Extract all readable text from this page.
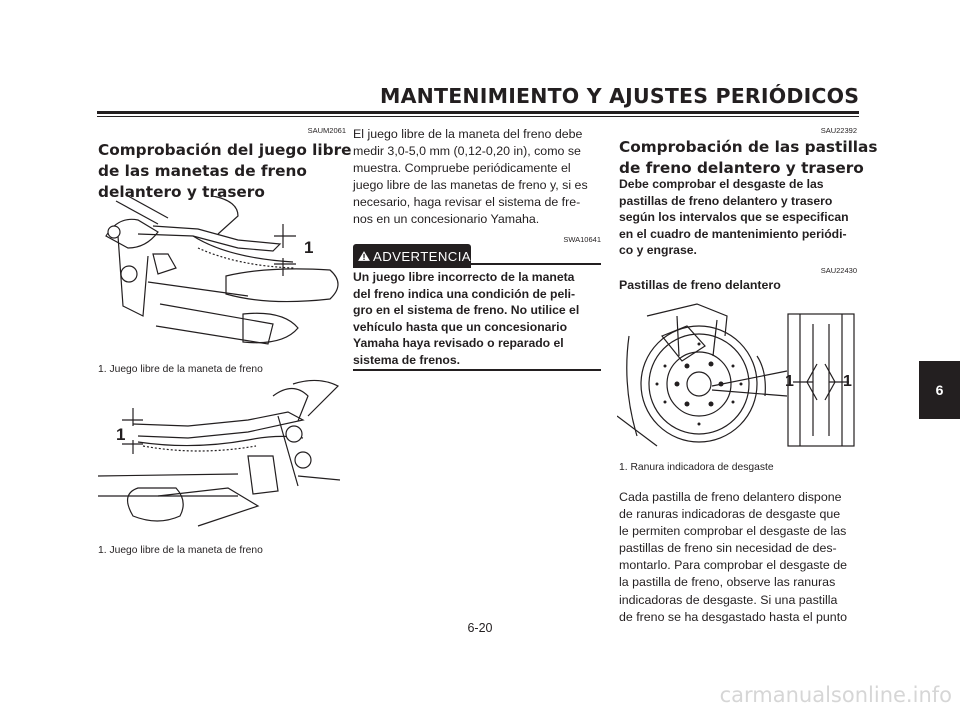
MANTENIMIENTO Y AJUSTES PERIÓDICOS
SAUM2061
Comprobación del juego libre
de las manetas de freno
delantero y trasero
1
1. Juego libre de la maneta de freno
1
1. Juego libre de la maneta de freno
El juego libre de la maneta del freno debe
medir 3,0-5,0 mm (0,12-0,20 in), como se
muestra. Compruebe periódicamente el
juego libre de las manetas de freno y, si es
necesario, haga revisar el sistema de fre-
nos en un concesionario Yamaha.
SWA10641
ADVERTENCIA
Un juego libre incorrecto de la maneta
del freno indica una condición de peli-
gro en el sistema de freno. No utilice el
vehículo hasta que un concesionario
Yamaha haya revisado o reparado el
sistema de frenos.
SAU22392
Comprobación de las pastillas
de freno delantero y trasero
Debe comprobar el desgaste de las
pastillas de freno delantero y trasero
según los intervalos que se especifican
en el cuadro de mantenimiento periódi-
co y engrase.
SAU22430
Pastillas de freno delantero
1	1
1. Ranura indicadora de desgaste
Cada pastilla de freno delantero dispone
de ranuras indicadoras de desgaste que
le permiten comprobar el desgaste de las
pastillas de freno sin necesidad de des-
montarlo. Para comprobar el desgaste de
la pastilla de freno, observe las ranuras
indicadoras de desgaste. Si una pastilla
de freno se ha desgastado hasta el punto
6
6-20
carmanualsonline.info
